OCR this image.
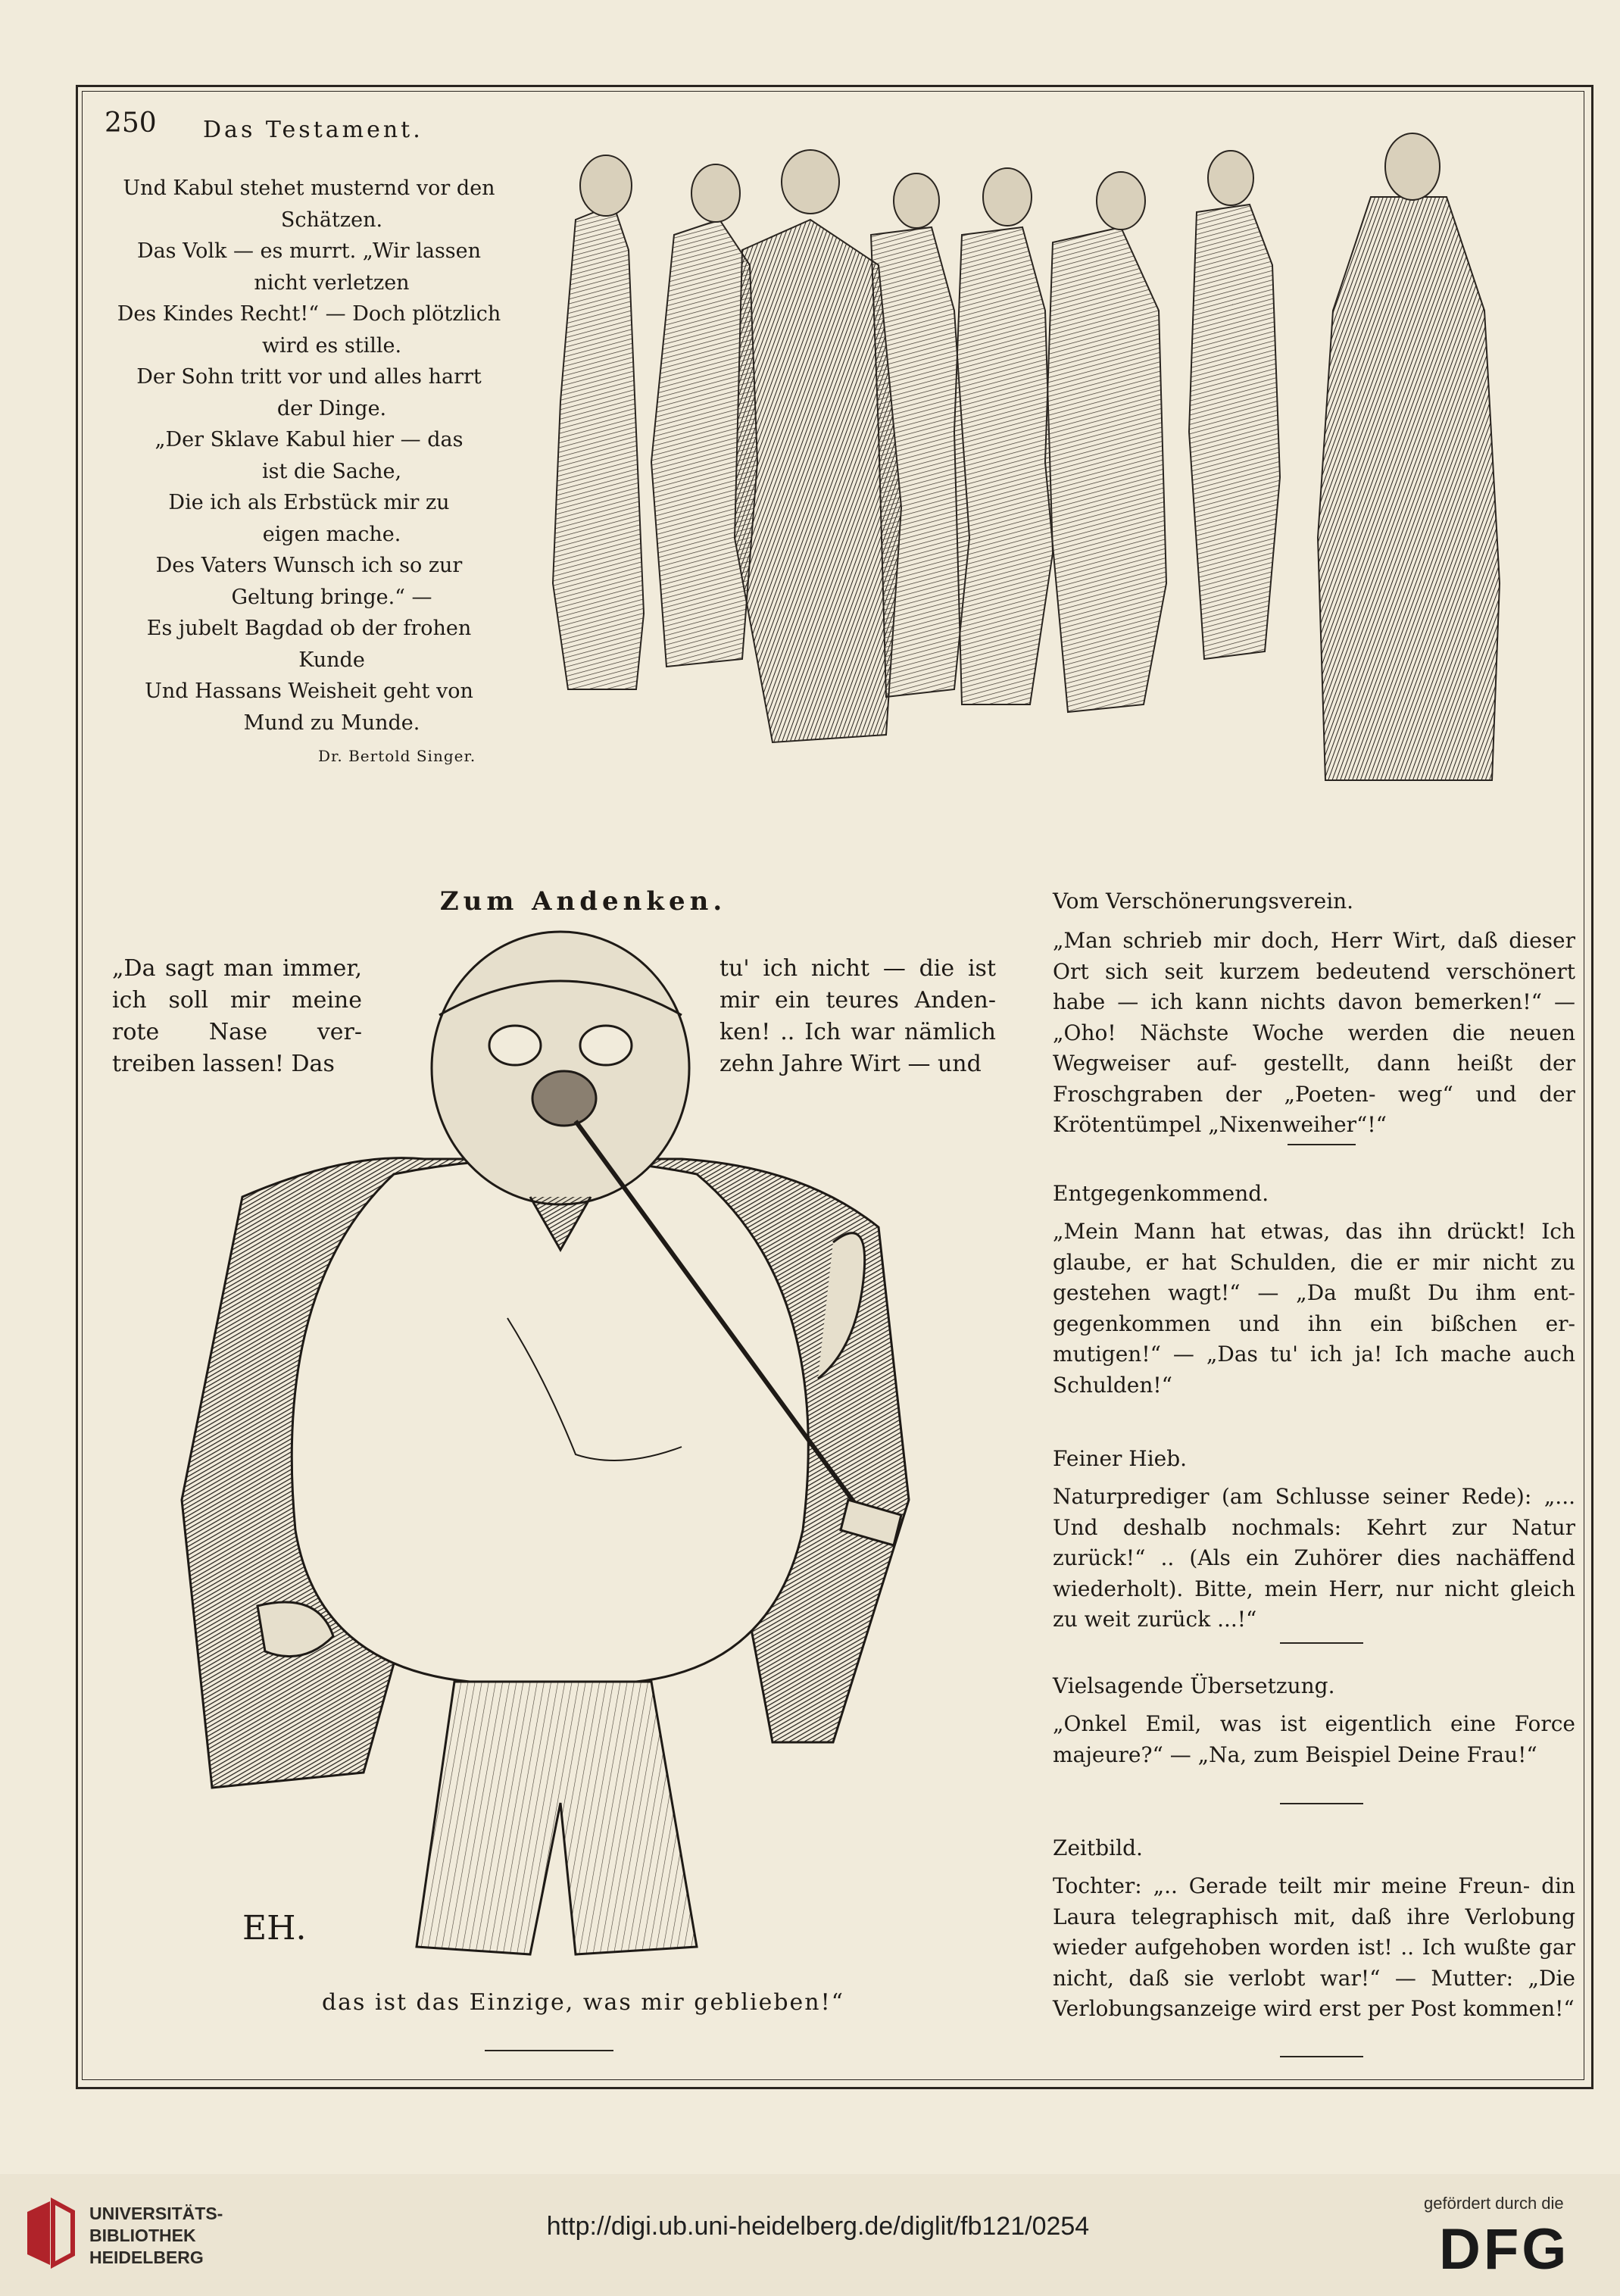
250 Das Testament.
Und Kabul stehet musternd vor den
Schätzen.
Das Volk — es murrt. „Wir lassen
nicht verletzen
Des Kindes Recht!“ — Doch plötzlich
wird es stille.
Der Sohn tritt vor und alles harrt
der Dinge.
„Der Sklave Kabul hier — das
ist die Sache,
Die ich als Erbstück mir zu
eigen mache.
Des Vaters Wunsch ich so zur
Geltung bringe.“ —
Es jubelt Bagdad ob der frohen
Kunde
Und Hassans Weisheit geht von
Mund zu Munde.
Dr. Bertold Singer.
Zum Andenken.
„Da sagt man immer, ich soll mir meine rote Nase ver- treiben lassen! Das
tu' ich nicht — die ist mir ein teures Anden- ken! .. Ich war nämlich zehn Jahre Wirt — und
EH.
das ist das Einzige, was mir geblieben!“
Vom Verschönerungsverein.
„Man schrieb mir doch, Herr Wirt, daß dieser Ort sich seit kurzem bedeutend verschönert habe — ich kann nichts davon bemerken!“ — „Oho! Nächste Woche werden die neuen Wegweiser auf- gestellt, dann heißt der Froschgraben der „Poeten- weg“ und der Krötentümpel „Nixenweiher“!“
Entgegenkommend.
„Mein Mann hat etwas, das ihn drückt! Ich glaube, er hat Schulden, die er mir nicht zu gestehen wagt!“ — „Da mußt Du ihm ent- gegenkommen und ihn ein bißchen er- mutigen!“ — „Das tu' ich ja! Ich mache auch Schulden!“
Feiner Hieb.
Naturprediger (am Schlusse seiner Rede): „... Und deshalb nochmals: Kehrt zur Natur zurück!“ .. (Als ein Zuhörer dies nachäffend wiederholt). Bitte, mein Herr, nur nicht gleich zu weit zurück ...!“
Vielsagende Übersetzung.
„Onkel Emil, was ist eigentlich eine Force majeure?“ — „Na, zum Beispiel Deine Frau!“
Zeitbild.
Tochter: „.. Gerade teilt mir meine Freun- din Laura telegraphisch mit, daß ihre Verlobung wieder aufgehoben worden ist! .. Ich wußte gar nicht, daß sie verlobt war!“ — Mutter: „Die Verlobungsanzeige wird erst per Post kommen!“
UNIVERSITÄTS-
BIBLIOTHEK
HEIDELBERG
http://digi.ub.uni-heidelberg.de/diglit/fb121/0254
gefördert durch die
DFG
